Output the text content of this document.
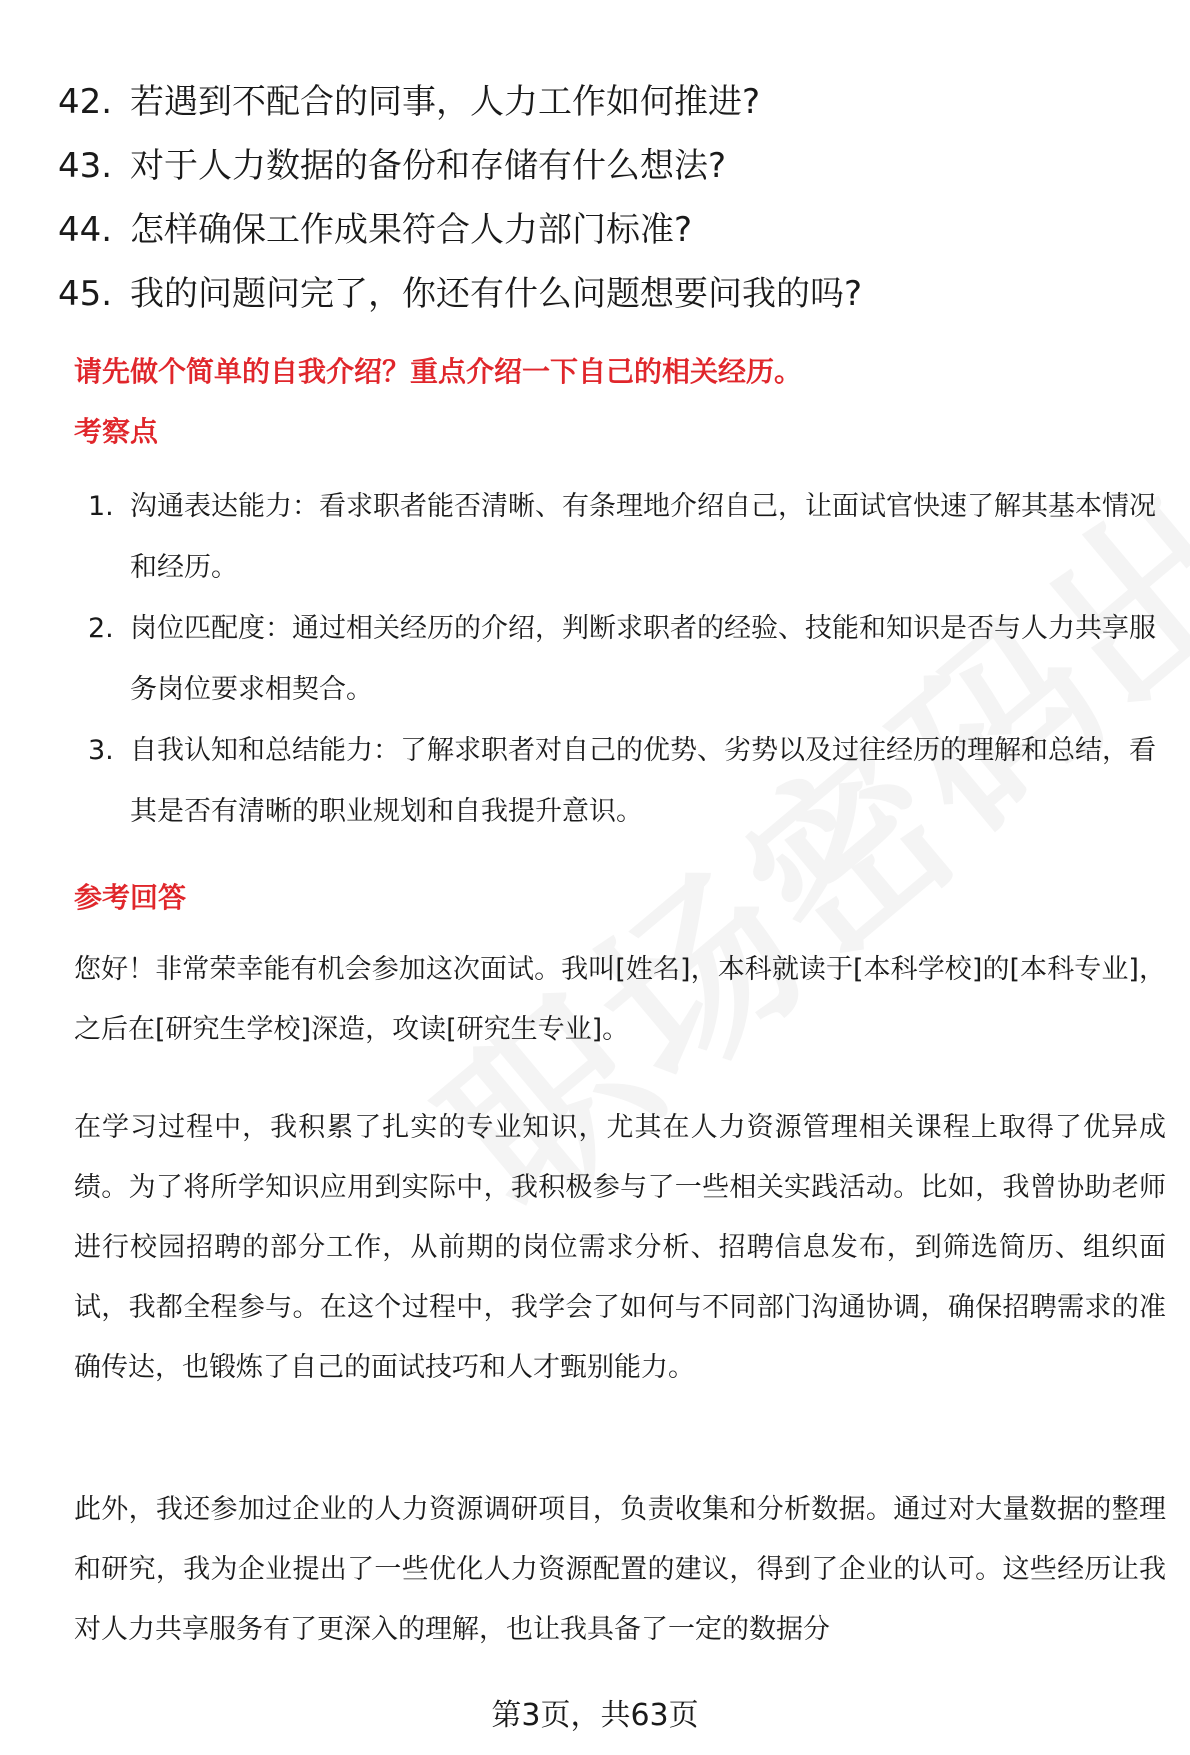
42. 若遇到不配合的同事，人力工作如何推进?
43. 对于人力数据的备份和存储有什么想法?
44. 怎样确保工作成果符合人力部门标准?
45. 我的问题问完了，你还有什么问题想要问我的吗?
请先做个简单的自我介绍？重点介绍一下自己的相关经历。
考察点
1. 沟通表达能力：看求职者能否清晰、有条理地介绍自己，让面试官快速了解其基本情况和经历。
2. 岗位匹配度：通过相关经历的介绍，判断求职者的经验、技能和知识是否与人力共享服务岗位要求相契合。
3. 自我认知和总结能力：了解求职者对自己的优势、劣势以及过往经历的理解和总结，看其是否有清晰的职业规划和自我提升意识。
参考回答
您好！非常荣幸能有机会参加这次面试。我叫[姓名]，本科就读于[本科学校]的[本科专业]，之后在[研究生学校]深造，攻读[研究生专业]。
在学习过程中，我积累了扎实的专业知识，尤其在人力资源管理相关课程上取得了优异成绩。为了将所学知识应用到实际中，我积极参与了一些相关实践活动。比如，我曾协助老师进行校园招聘的部分工作，从前期的岗位需求分析、招聘信息发布，到筛选简历、组织面试，我都全程参与。在这个过程中，我学会了如何与不同部门沟通协调，确保招聘需求的准确传达，也锻炼了自己的面试技巧和人才甄别能力。
此外，我还参加过企业的人力资源调研项目，负责收集和分析数据。通过对大量数据的整理和研究，我为企业提出了一些优化人力资源配置的建议，得到了企业的认可。这些经历让我对人力共享服务有了更深入的理解，也让我具备了一定的数据分
第3页，共63页
